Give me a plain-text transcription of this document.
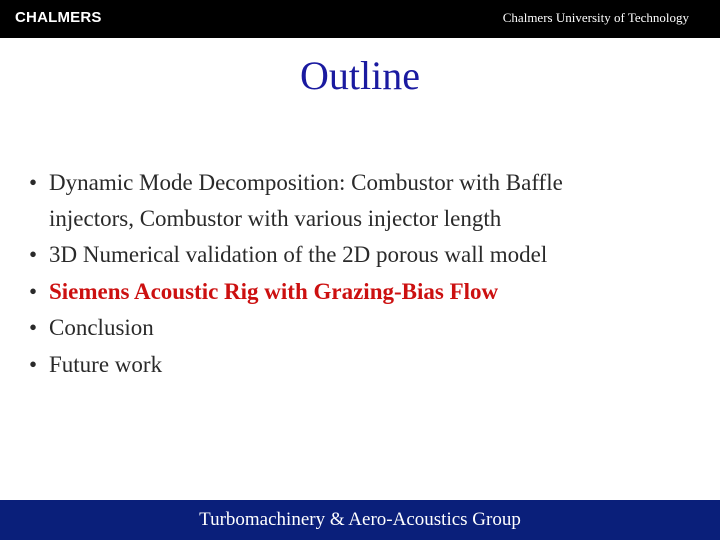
CHALMERS	Chalmers University of Technology
Outline
• Dynamic Mode Decomposition: Combustor with Baffle
injectors, Combustor with various injector length
• 3D Numerical validation of the 2D porous wall model
• Siemens Acoustic Rig with Grazing-Bias Flow
• Conclusion
• Future work
Turbomachinery & Aero-Acoustics Group
